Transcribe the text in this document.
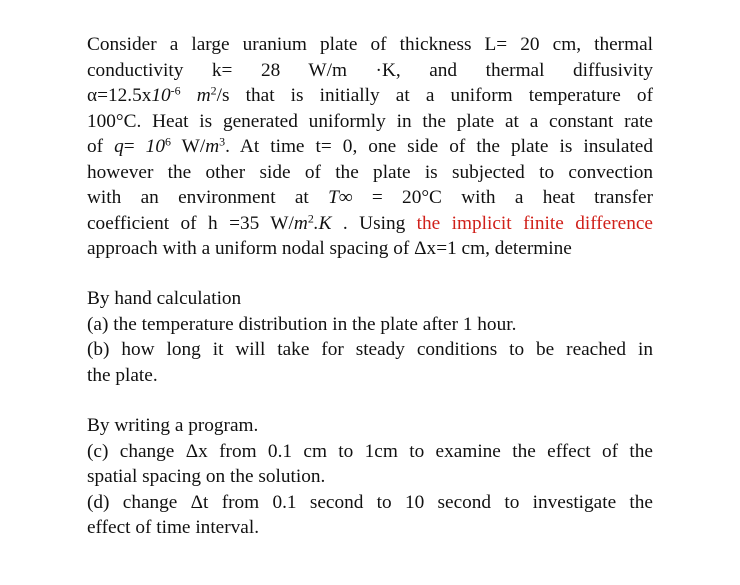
Consider a large uranium plate of thickness L= 20 cm, thermal
conductivity k= 28 W/m ·K, and thermal diffusivity
$\alpha=12.5x10^{-6}$ $m^2/s$ that is initially at a uniform temperature of
100°C. Heat is generated uniformly in the plate at a constant rate
of $q= 10^6$ $W/m^3$. At time t= 0, one side of the plate is insulated
however the other side of the plate is subjected to convection
with an environment at T∞ = 20°C with a heat transfer
coefficient of h =35 $W/m^2.K$ . Using the implicit finite difference
approach with a uniform nodal spacing of Δx=1 cm, determine
By hand calculation
(a) the temperature distribution in the plate after 1 hour.
(b) how long it will take for steady conditions to be reached in
the plate.
By writing a program.
(c) change Δx from 0.1 cm to 1cm to examine the effect of the
spatial spacing on the solution.
(d) change Δt from 0.1 second to 10 second to investigate the
effect of time interval.
